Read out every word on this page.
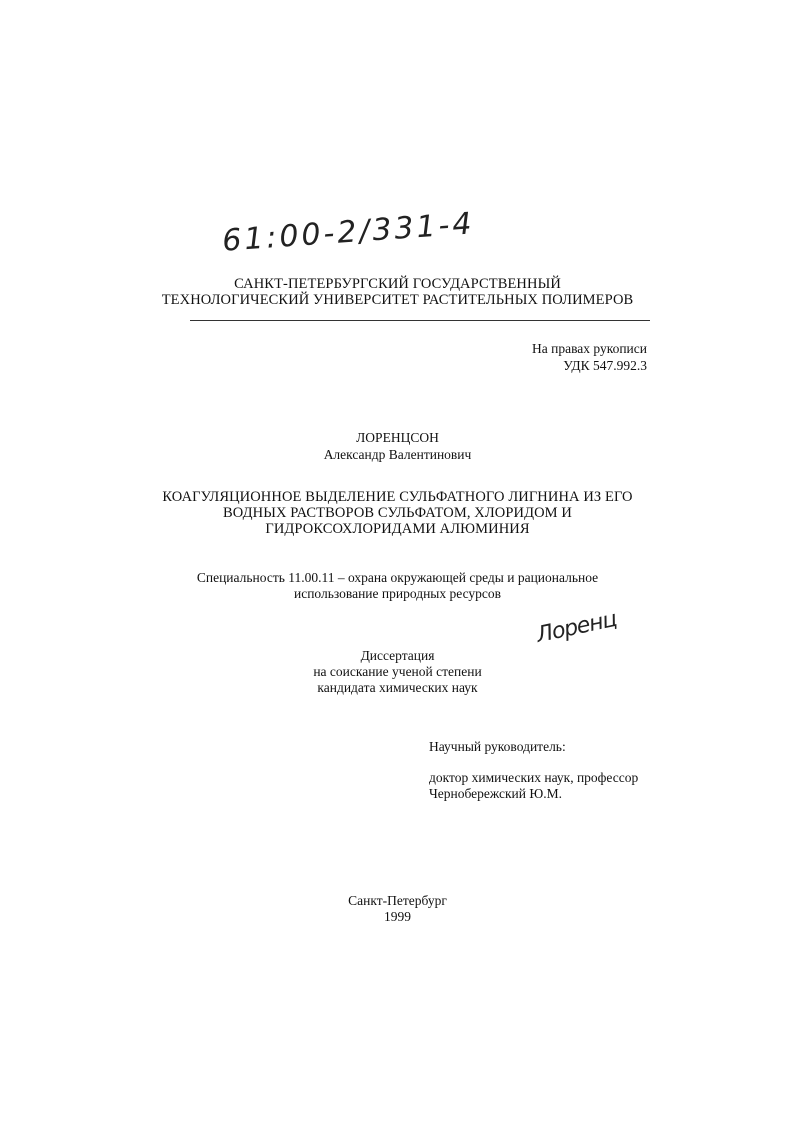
61:00-2/331-4
САНКТ-ПЕТЕРБУРГСКИЙ ГОСУДАРСТВЕННЫЙ
ТЕХНОЛОГИЧЕСКИЙ УНИВЕРСИТЕТ РАСТИТЕЛЬНЫХ ПОЛИМЕРОВ
На правах рукописи
УДК 547.992.3
ЛОРЕНЦСОН
Александр Валентинович
КОАГУЛЯЦИОННОЕ ВЫДЕЛЕНИЕ СУЛЬФАТНОГО ЛИГНИНА ИЗ ЕГО
ВОДНЫХ РАСТВОРОВ СУЛЬФАТОМ, ХЛОРИДОМ И
ГИДРОКСОХЛОРИДАМИ АЛЮМИНИЯ
Специальность 11.00.11 – охрана окружающей среды и рациональное
использование природных ресурсов
Лоренц
Диссертация
на соискание ученой степени
кандидата химических наук
Научный руководитель:
доктор химических наук, профессор
Чернобережский Ю.М.
Санкт-Петербург
1999
